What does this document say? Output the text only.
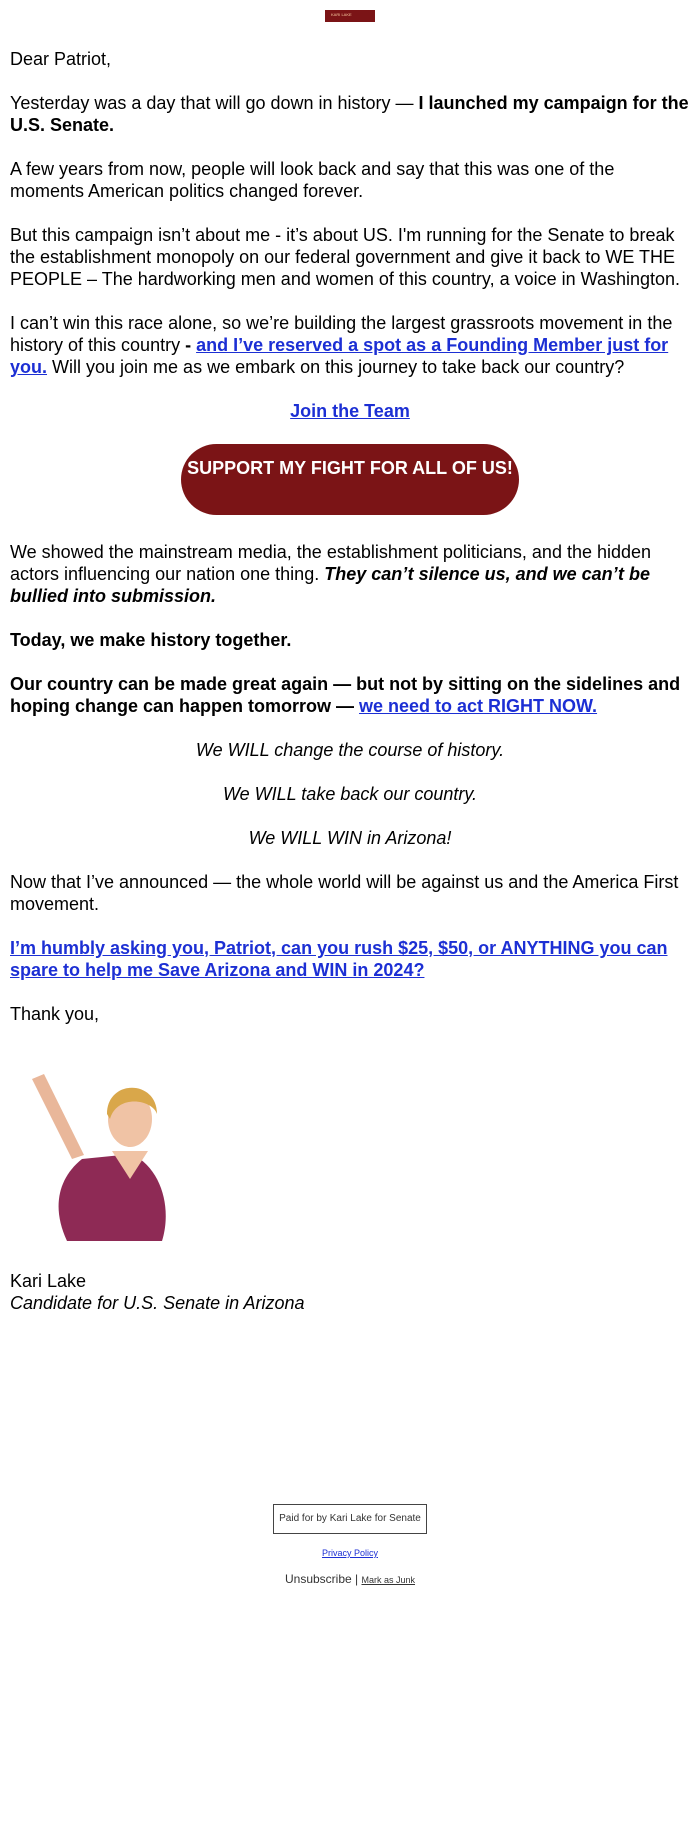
KARI LAKE

Dear Patriot,

Yesterday was a day that will go down in history — I launched my campaign for the U.S. Senate.

A few years from now, people will look back and say that this was one of the moments American politics changed forever.

But this campaign isn’t about me - it’s about US. I'm running for the Senate to break the establishment monopoly on our federal government and give it back to WE THE PEOPLE – The hardworking men and women of this country, a voice in Washington.

I can’t win this race alone, so we’re building the largest grassroots movement in the history of this country - and I’ve reserved a spot as a Founding Member just for you. Will you join me as we embark on this journey to take back our country?

Join the Team

SUPPORT MY FIGHT FOR ALL OF US!

We showed the mainstream media, the establishment politicians, and the hidden actors influencing our nation one thing. They can’t silence us, and we can’t be bullied into submission.

Today, we make history together.

Our country can be made great again — but not by sitting on the sidelines and hoping change can happen tomorrow — we need to act RIGHT NOW.

We WILL change the course of history.

We WILL take back our country.

We WILL WIN in Arizona!

Now that I’ve announced — the whole world will be against us and the America First movement.

I’m humbly asking you, Patriot, can you rush $25, $50, or ANYTHING you can spare to help me Save Arizona and WIN in 2024?

Thank you,

Kari Lake
Candidate for U.S. Senate in Arizona
Paid for by Kari Lake for Senate
Privacy Policy
Unsubscribe | Mark as Junk
